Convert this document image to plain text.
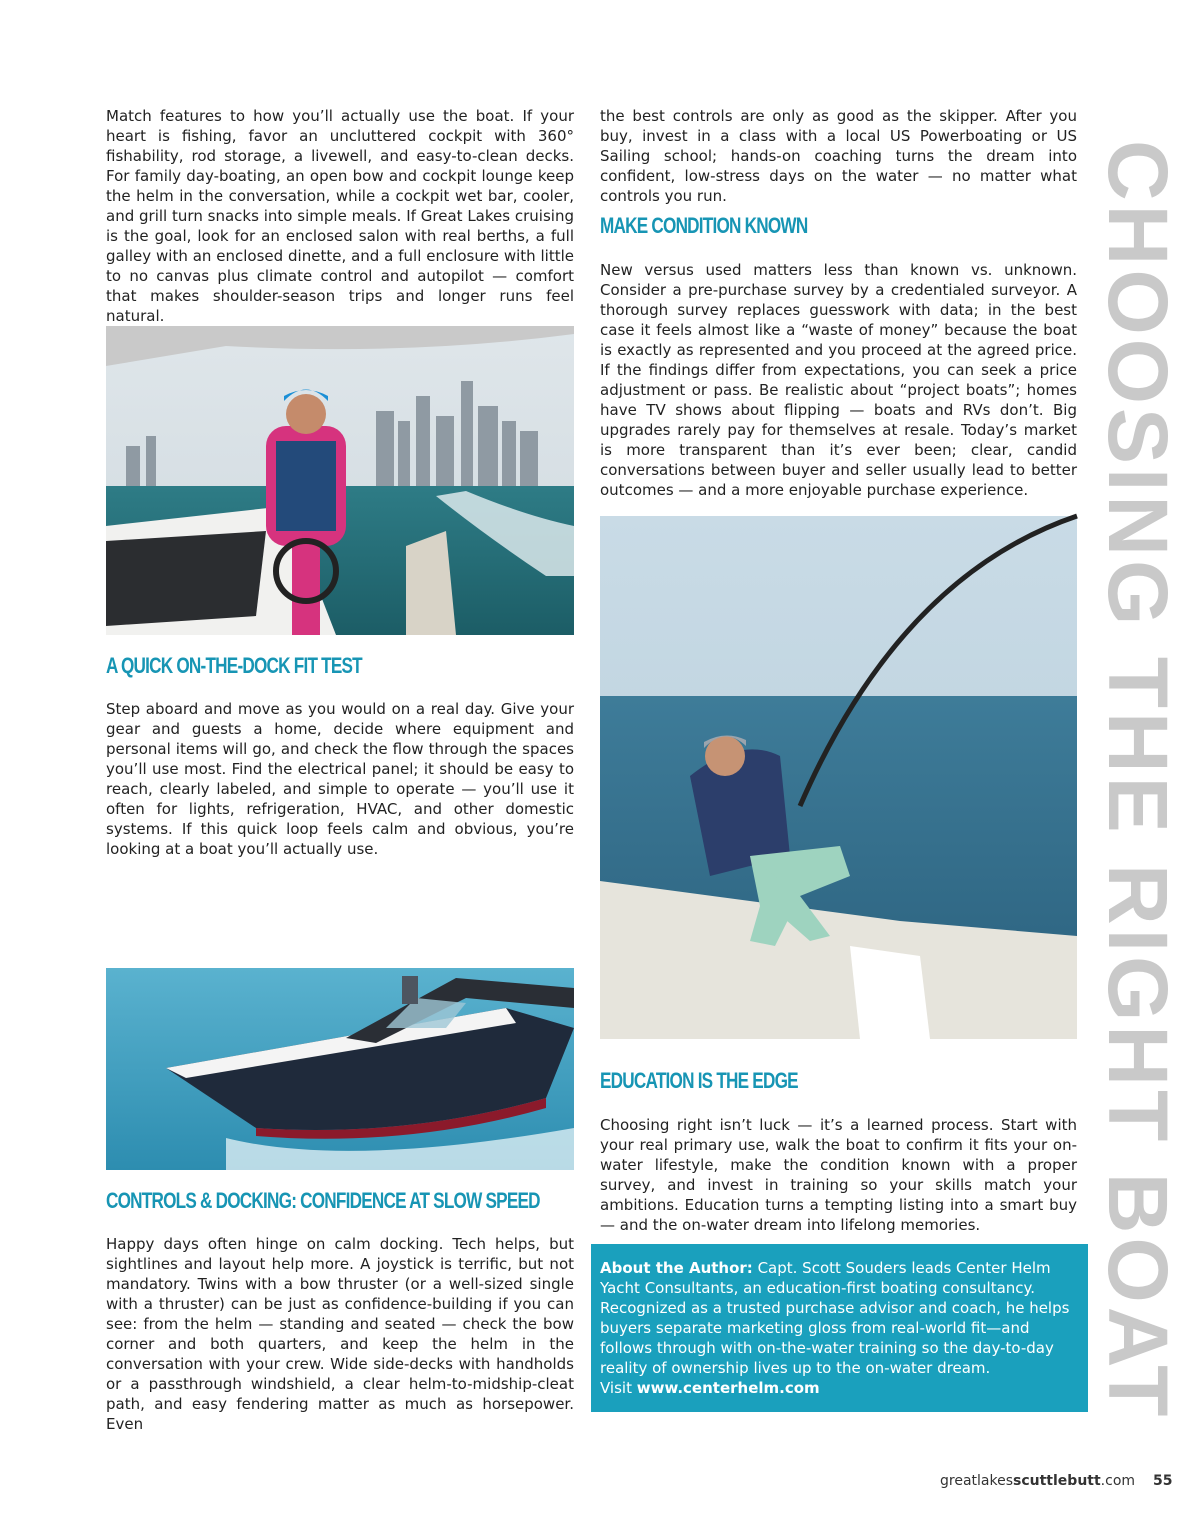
Match features to how you’ll actually use the boat. If your heart is fishing, favor an uncluttered cockpit with 360° fishability, rod storage, a livewell, and easy-to-clean decks. For family day-boating, an open bow and cockpit lounge keep the helm in the conversation, while a cockpit wet bar, cooler, and grill turn snacks into simple meals. If Great Lakes cruising is the goal, look for an enclosed salon with real berths, a full galley with an enclosed dinette, and a full enclosure with little to no canvas plus climate control and autopilot — comfort that makes shoulder-season trips and longer runs feel natural.

A QUICK ON-THE-DOCK FIT TEST

Step aboard and move as you would on a real day. Give your gear and guests a home, decide where equipment and personal items will go, and check the flow through the spaces you’ll use most. Find the electrical panel; it should be easy to reach, clearly labeled, and simple to operate — you’ll use it often for lights, refrigeration, HVAC, and other domestic systems. If this quick loop feels calm and obvious, you’re looking at a boat you’ll actually use.

CONTROLS & DOCKING: CONFIDENCE AT SLOW SPEED

Happy days often hinge on calm docking. Tech helps, but sightlines and layout help more. A joystick is terrific, but not mandatory. Twins with a bow thruster (or a well-sized single with a thruster) can be just as confidence-building if you can see: from the helm — standing and seated — check the bow corner and both quarters, and keep the helm in the conversation with your crew. Wide side-decks with handholds or a passthrough windshield, a clear helm-to-midship-cleat path, and easy fendering matter as much as horsepower. Even

the best controls are only as good as the skipper. After you buy, invest in a class with a local US Powerboating or US Sailing school; hands-on coaching turns the dream into confident, low-stress days on the water — no matter what controls you run.

MAKE CONDITION KNOWN

New versus used matters less than known vs. unknown. Consider a pre-purchase survey by a credentialed surveyor. A thorough survey replaces guesswork with data; in the best case it feels almost like a “waste of money” because the boat is exactly as represented and you proceed at the agreed price. If the findings differ from expectations, you can seek a price adjustment or pass. Be realistic about “project boats”; homes have TV shows about flipping — boats and RVs don’t. Big upgrades rarely pay for themselves at resale. Today’s market is more transparent than it’s ever been; clear, candid conversations between buyer and seller usually lead to better outcomes — and a more enjoyable purchase experience.

EDUCATION IS THE EDGE

Choosing right isn’t luck — it’s a learned process. Start with your real primary use, walk the boat to confirm it fits your on-water lifestyle, make the condition known with a proper survey, and invest in training so your skills match your ambitions. Education turns a tempting listing into a smart buy — and the on-water dream into lifelong memories.

About the Author: Capt. Scott Souders leads Center Helm Yacht Consultants, an education-first boating consultancy. Recognized as a trusted purchase advisor and coach, he helps buyers separate marketing gloss from real-world fit—and follows through with on-the-water training so the day-to-day reality of ownership lives up to the on-water dream.
Visit www.centerhelm.com	CHOOSING THE RIGHT BOAT
greatlakesscuttlebutt.com 55
